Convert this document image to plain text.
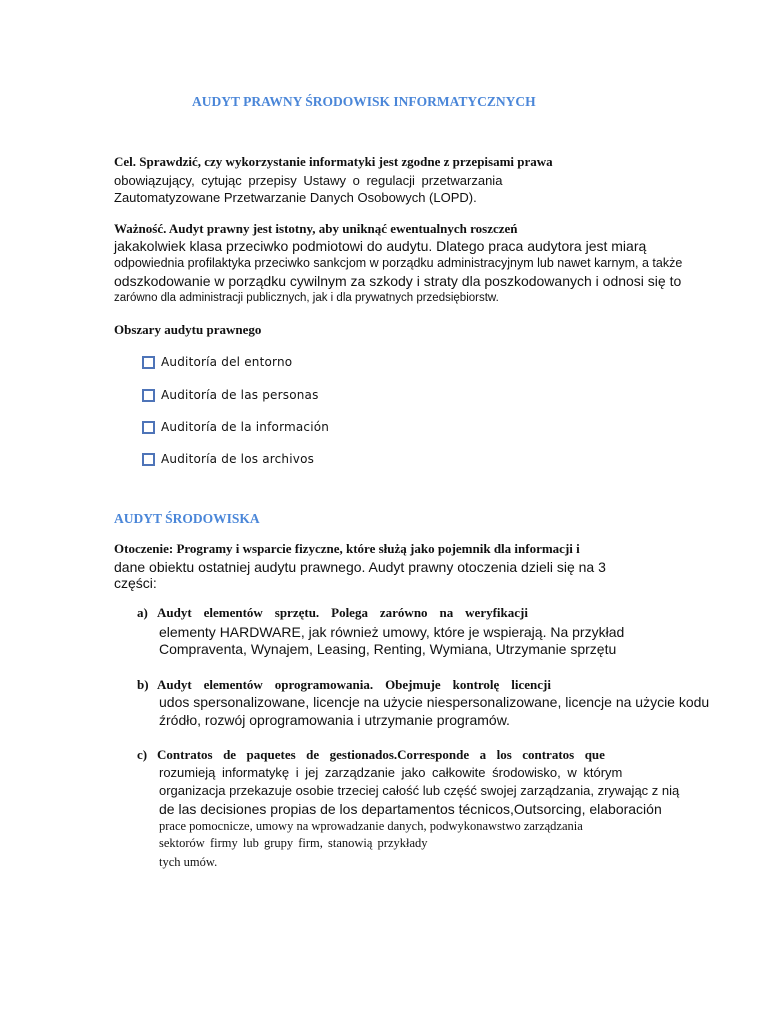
AUDYT PRAWNY ŚRODOWISK INFORMATYCZNYCH
Cel. Sprawdzić, czy wykorzystanie informatyki jest zgodne z przepisami prawa
obowiązujący, cytując przepisy Ustawy o regulacji przetwarzania
Zautomatyzowane Przetwarzanie Danych Osobowych (LOPD).
Ważność. Audyt prawny jest istotny, aby uniknąć ewentualnych roszczeń
jakakolwiek klasa przeciwko podmiotowi do audytu. Dlatego praca audytora jest miarą
odpowiednia profilaktyka przeciwko sankcjom w porządku administracyjnym lub nawet karnym, a także
odszkodowanie w porządku cywilnym za szkody i straty dla poszkodowanych i odnosi się to
zarówno dla administracji publicznych, jak i dla prywatnych przedsiębiorstw.
Obszary audytu prawnego
Auditoría del entorno
Auditoría de las personas
Auditoría de la información
Auditoría de los archivos
AUDYT ŚRODOWISKA
Otoczenie: Programy i wsparcie fizyczne, które służą jako pojemnik dla informacji i
dane obiektu ostatniej audytu prawnego. Audyt prawny otoczenia dzieli się na 3
części:
a) Audyt elementów sprzętu. Polega zarówno na weryfikacji
elementy HARDWARE, jak również umowy, które je wspierają. Na przykład
Compraventa, Wynajem, Leasing, Renting, Wymiana, Utrzymanie sprzętu
b) Audyt elementów oprogramowania. Obejmuje kontrolę licencji
udos spersonalizowane, licencje na użycie niespersonalizowane, licencje na użycie kodu
źródło, rozwój oprogramowania i utrzymanie programów.
c) Contratos de paquetes de gestionados.Corresponde a los contratos que
rozumieją informatykę i jej zarządzanie jako całkowite środowisko, w którym
organizacja przekazuje osobie trzeciej całość lub część swojej zarządzania, zrywając z nią
de las decisiones propias de los departamentos técnicos,Outsorcing, elaboración
prace pomocnicze, umowy na wprowadzanie danych, podwykonawstwo zarządzania
sektorów firmy lub grupy firm, stanowią przykłady
tych umów.
